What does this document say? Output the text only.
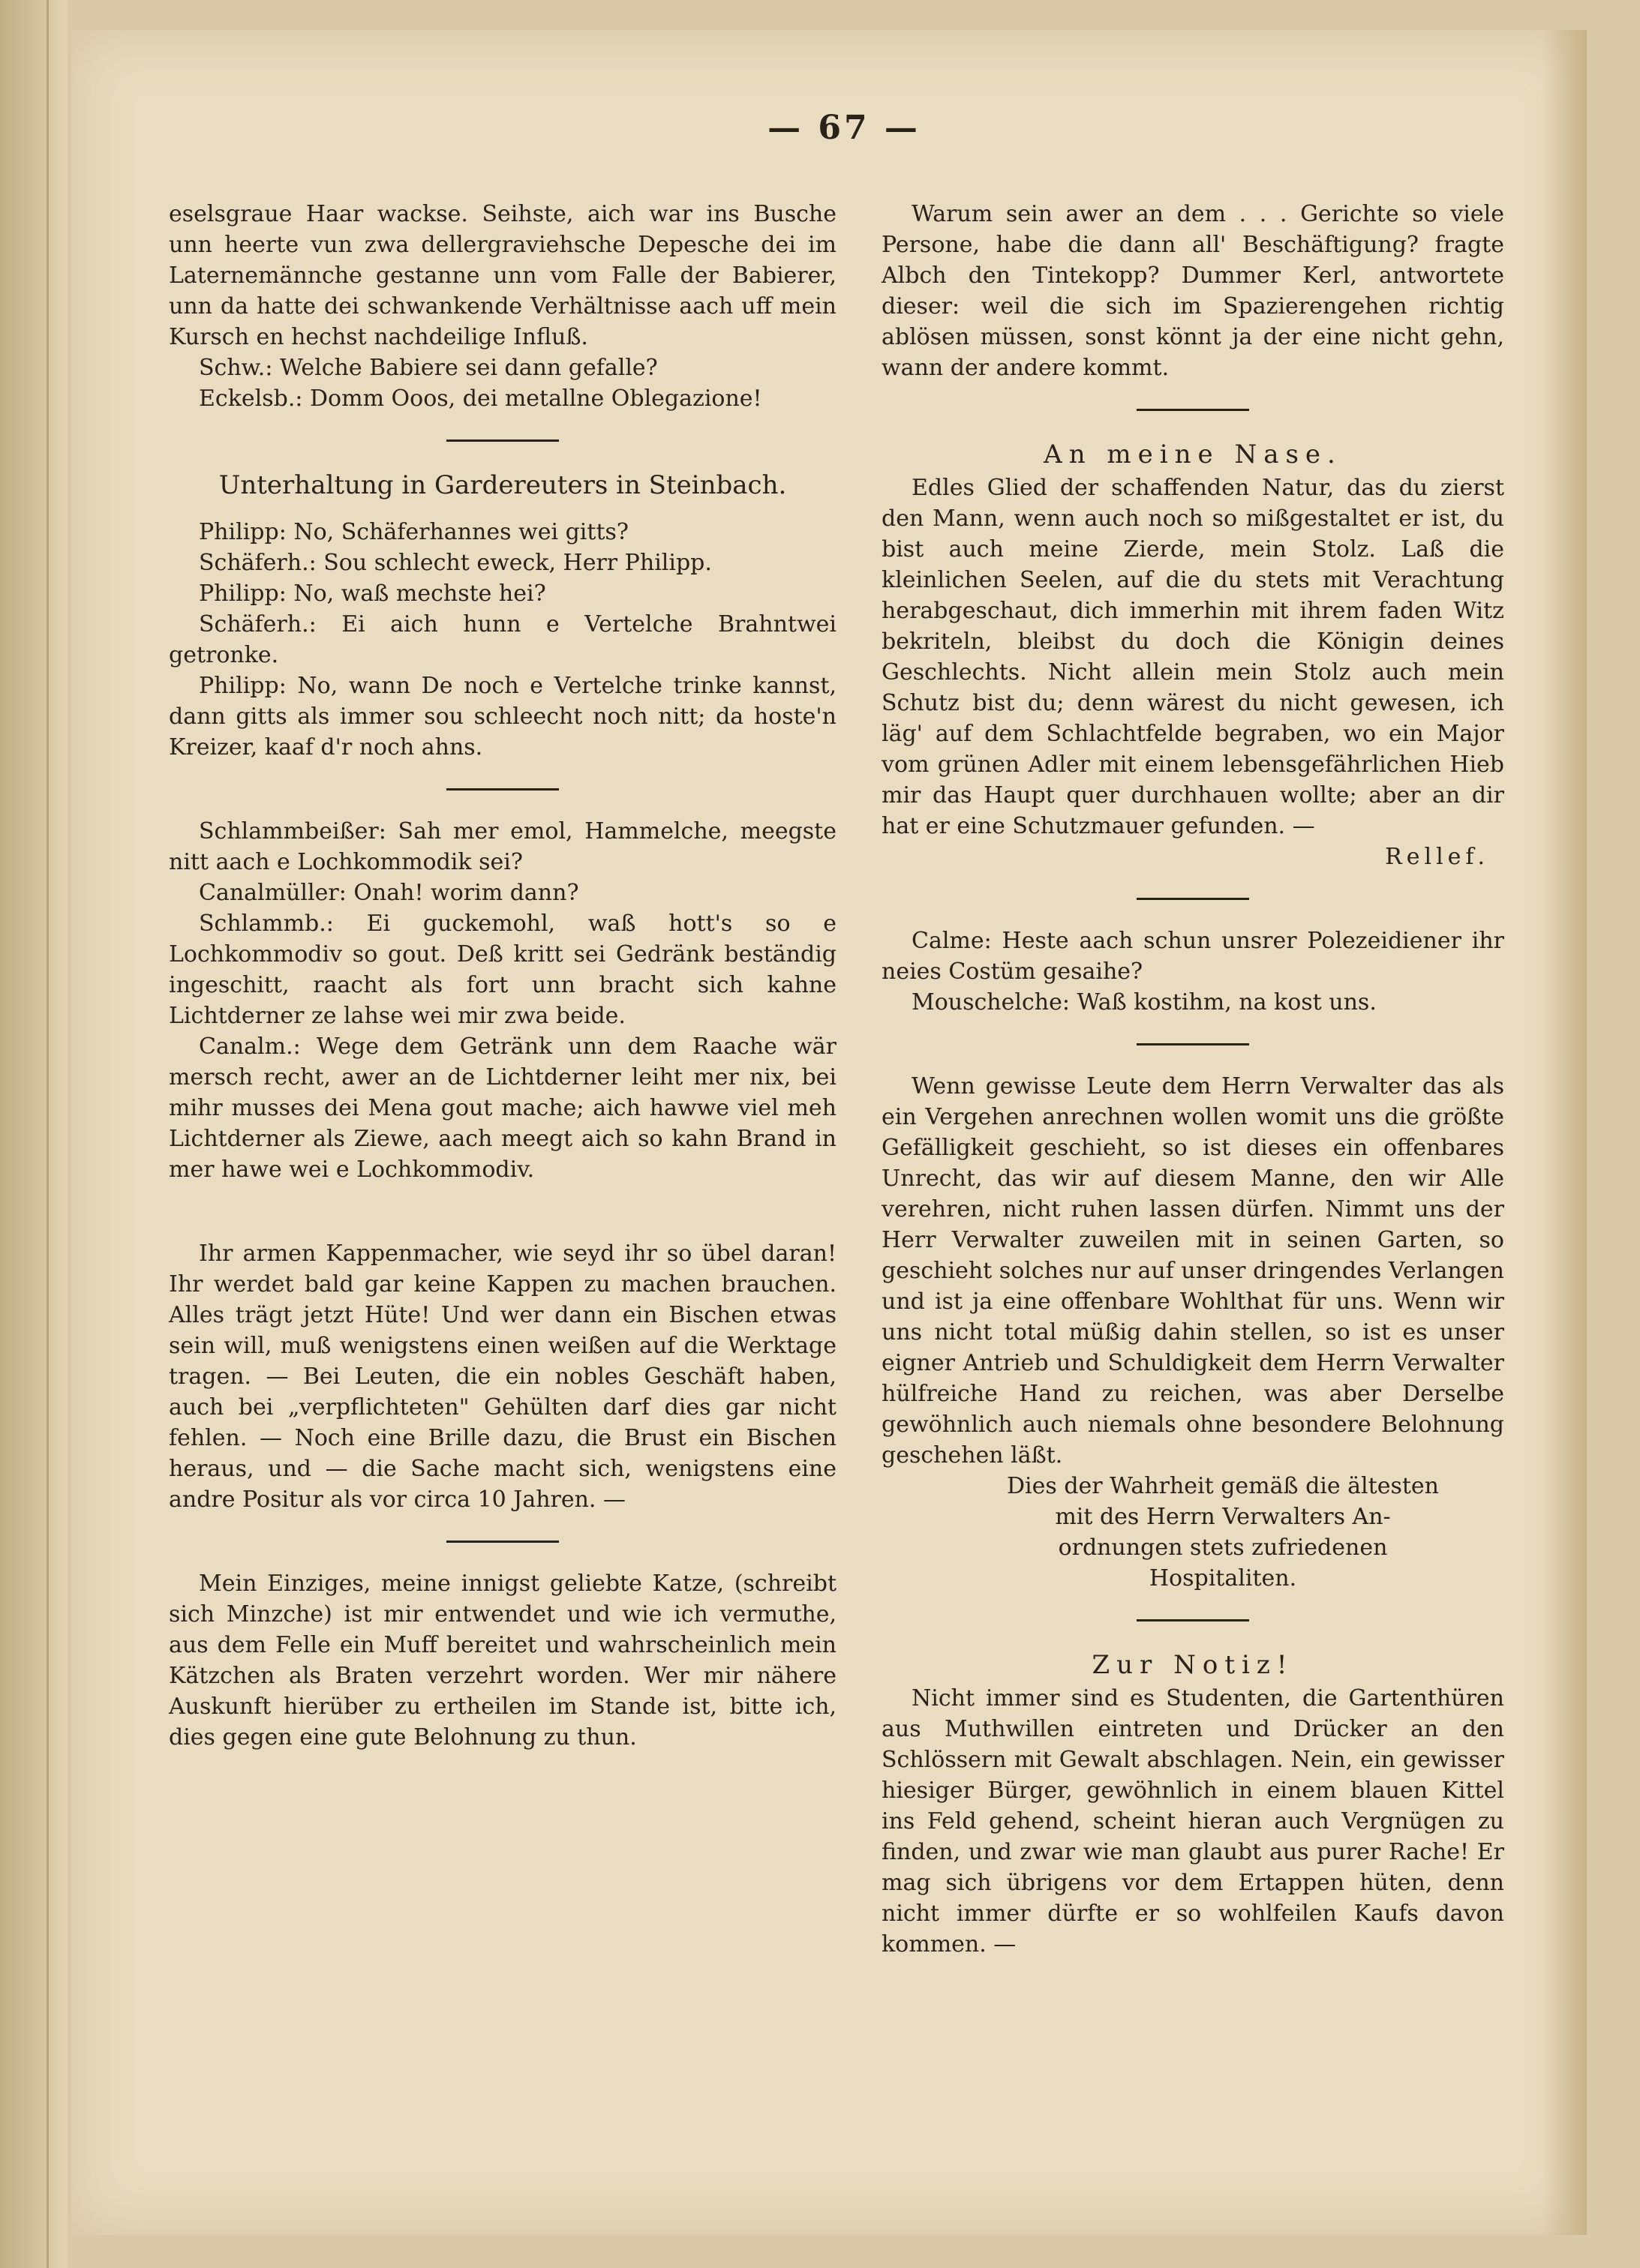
— 67 —

eselsgraue Haar wackse. Seihste, aich war ins Busche unn heerte vun zwa dellergraviehsche Depesche dei im Laternemännche gestanne unn vom Falle der Babierer, unn da hatte dei schwankende Verhältnisse aach uff mein Kursch en hechst nachdeilige Influß.

Schw.: Welche Babiere sei dann gefalle?

Eckelsb.: Domm Ooos, dei metallne Oblegazione!

Unterhaltung in Gardereuters in Steinbach.

Philipp: No, Schäferhannes wei gitts?

Schäferh.: Sou schlecht eweck, Herr Philipp.

Philipp: No, waß mechste hei?

Schäferh.: Ei aich hunn e Vertelche Brahntwei getronke.

Philipp: No, wann De noch e Vertelche trinke kannst, dann gitts als immer sou schleecht noch nitt; da hoste'n Kreizer, kaaf d'r noch ahns.

Schlammbeißer: Sah mer emol, Hammelche, meegste nitt aach e Lochkommodik sei?

Canalmüller: Onah! worim dann?

Schlammb.: Ei guckemohl, waß hott's so e Lochkommodiv so gout. Deß kritt sei Gedränk beständig ingeschitt, raacht als fort unn bracht sich kahne Lichtderner ze lahse wei mir zwa beide.

Canalm.: Wege dem Getränk unn dem Raache wär mersch recht, awer an de Lichtderner leiht mer nix, bei mihr musses dei Mena gout mache; aich hawwe viel meh Lichtderner als Ziewe, aach meegt aich so kahn Brand in mer hawe wei e Lochkommodiv.

Ihr armen Kappenmacher, wie seyd ihr so übel daran! Ihr werdet bald gar keine Kappen zu machen brauchen. Alles trägt jetzt Hüte! Und wer dann ein Bischen etwas sein will, muß wenigstens einen weißen auf die Werktage tragen. — Bei Leuten, die ein nobles Geschäft haben, auch bei „verpflichteten" Gehülten darf dies gar nicht fehlen. — Noch eine Brille dazu, die Brust ein Bischen heraus, und — die Sache macht sich, wenigstens eine andre Positur als vor circa 10 Jahren. —

Mein Einziges, meine innigst geliebte Katze, (schreibt sich Minzche) ist mir entwendet und wie ich vermuthe, aus dem Felle ein Muff bereitet und wahrscheinlich mein Kätzchen als Braten verzehrt worden. Wer mir nähere Auskunft hierüber zu ertheilen im Stande ist, bitte ich, dies gegen eine gute Belohnung zu thun.

Warum sein awer an dem . . . Gerichte so viele Persone, habe die dann all' Beschäftigung? fragte Albch den Tintekopp? Dummer Kerl, antwortete dieser: weil die sich im Spazierengehen richtig ablösen müssen, sonst könnt ja der eine nicht gehn, wann der andere kommt.

An meine Nase.

Edles Glied der schaffenden Natur, das du zierst den Mann, wenn auch noch so mißgestaltet er ist, du bist auch meine Zierde, mein Stolz. Laß die kleinlichen Seelen, auf die du stets mit Verachtung herabgeschaut, dich immerhin mit ihrem faden Witz bekriteln, bleibst du doch die Königin deines Geschlechts. Nicht allein mein Stolz auch mein Schutz bist du; denn wärest du nicht gewesen, ich läg' auf dem Schlachtfelde begraben, wo ein Major vom grünen Adler mit einem lebensgefährlichen Hieb mir das Haupt quer durchhauen wollte; aber an dir hat er eine Schutzmauer gefunden. —

Rellef.

Calme: Heste aach schun unsrer Polezeidiener ihr neies Costüm gesaihe?

Mouschelche: Waß kostihm, na kost uns.

Wenn gewisse Leute dem Herrn Verwalter das als ein Vergehen anrechnen wollen womit uns die größte Gefälligkeit geschieht, so ist dieses ein offenbares Unrecht, das wir auf diesem Manne, den wir Alle verehren, nicht ruhen lassen dürfen. Nimmt uns der Herr Verwalter zuweilen mit in seinen Garten, so geschieht solches nur auf unser dringendes Verlangen und ist ja eine offenbare Wohlthat für uns. Wenn wir uns nicht total müßig dahin stellen, so ist es unser eigner Antrieb und Schuldigkeit dem Herrn Verwalter hülfreiche Hand zu reichen, was aber Derselbe gewöhnlich auch niemals ohne besondere Belohnung geschehen läßt.

Dies der Wahrheit gemäß die ältesten

mit des Herrn Verwalters An-

ordnungen stets zufriedenen

Hospitaliten.

Zur Notiz!

Nicht immer sind es Studenten, die Gartenthüren aus Muthwillen eintreten und Drücker an den Schlössern mit Gewalt abschlagen. Nein, ein gewisser hiesiger Bürger, gewöhnlich in einem blauen Kittel ins Feld gehend, scheint hieran auch Vergnügen zu finden, und zwar wie man glaubt aus purer Rache! Er mag sich übrigens vor dem Ertappen hüten, denn nicht immer dürfte er so wohlfeilen Kaufs davon kommen. —
